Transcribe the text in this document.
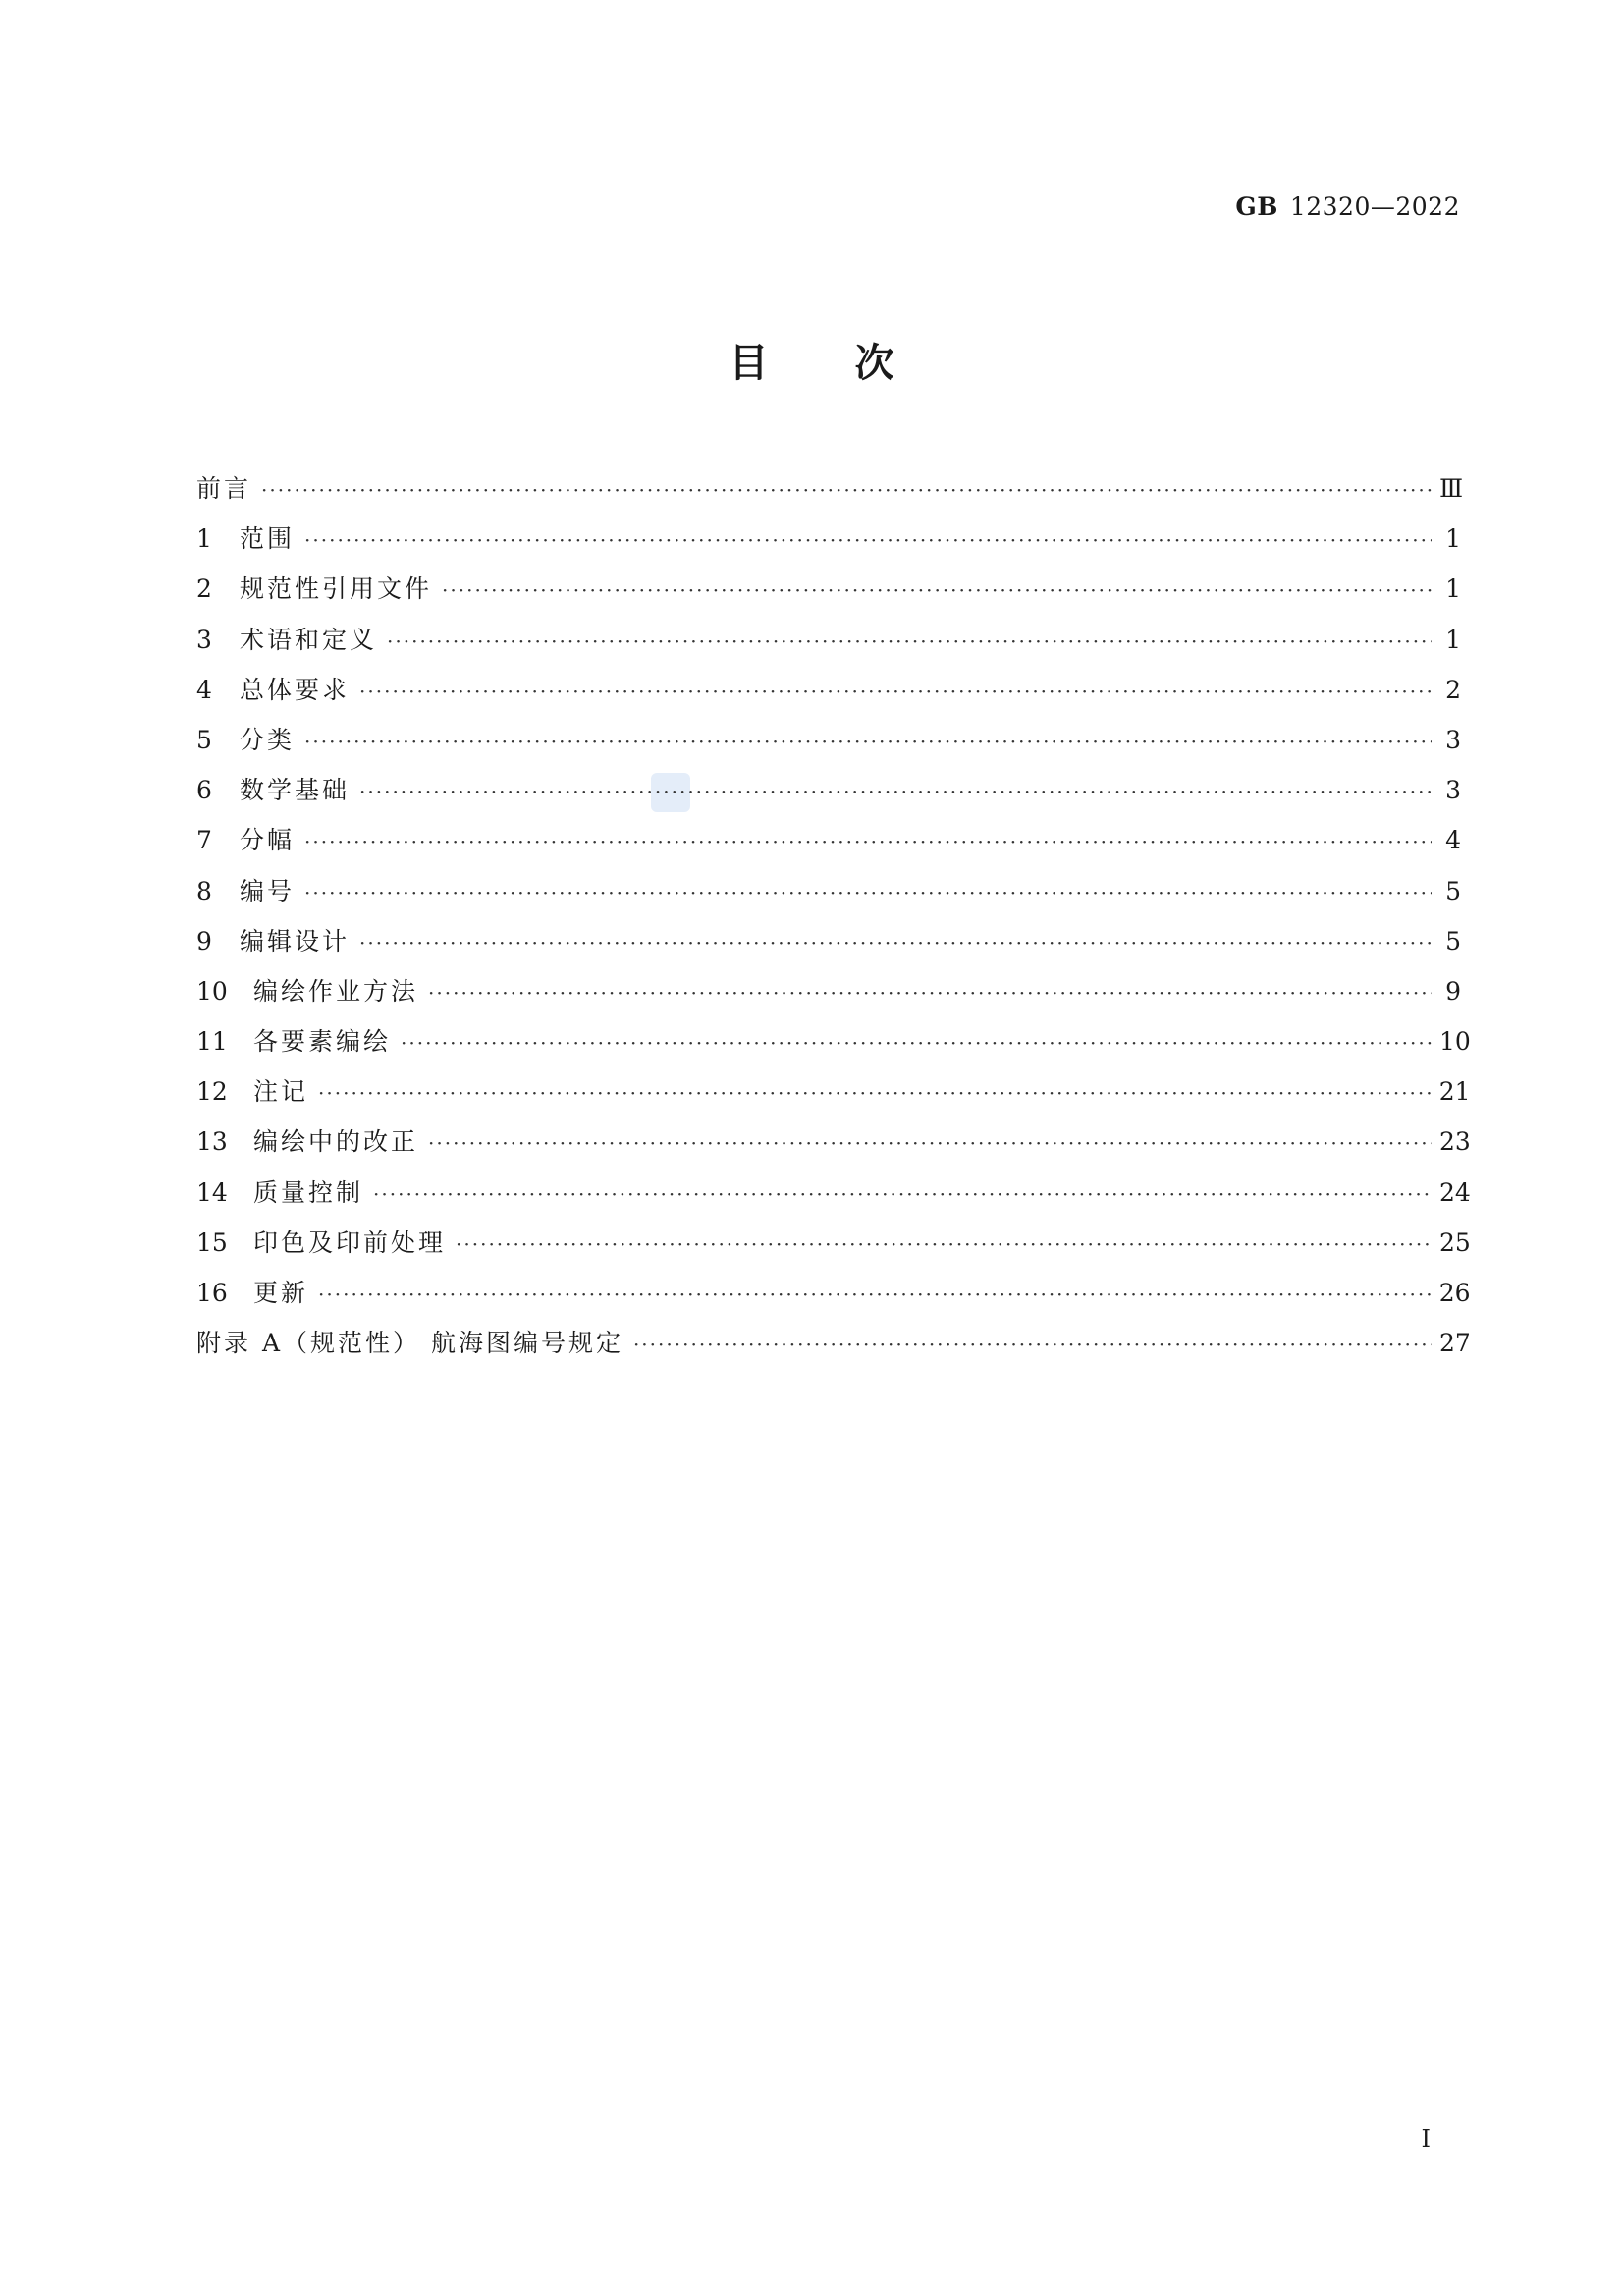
GB 12320—2022
目 次
前言 ·····	Ⅲ
1	范围 ·····	1
2	规范性引用文件 ·····	1
3	术语和定义 ·····	1
4	总体要求 ·····	2
5	分类 ·····	3
6	数学基础 ·····	3
7	分幅 ·····	4
8	编号 ·····	5
9	编辑设计 ·····	5
10	编绘作业方法 ·····	9
11	各要素编绘 ·····	10
12	注记 ·····	21
13	编绘中的改正 ·····	23
14	质量控制 ·····	24
15	印色及印前处理 ·····	25
16	更新 ·····	26
附录 A（规范性） 航海图编号规定 ·····	27
I
